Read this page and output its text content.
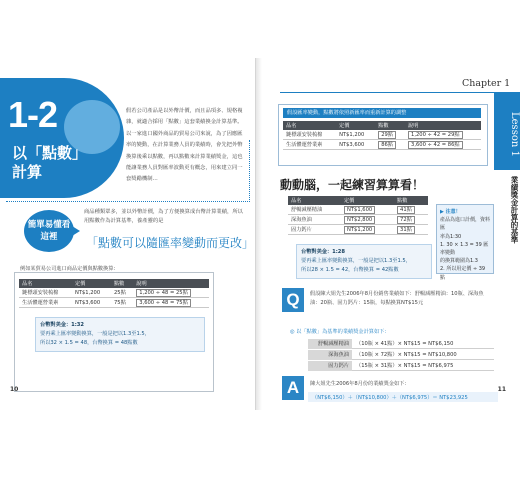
1-2
以「點數」計算
假若公司產品是以外幣計價，而且品項多、規格複雜，就適合採用「點數」這套業績換金計算基準。以一家進口國外商品的貿易公司來說，為了因應匯率的變動，在計算業務人員的業績時，會先把外幣換算後乘以點數，再以點數來計算業績獎金，這也能讓業務人員對匯率波動更有概念，用來建立同一套獎勵機制…
簡單易懂看這裡
商品種類眾多，並以外幣計價，為了方便換算成台幣計算業績，所以用點數作為計算基準，養產靈的是
「點數可以隨匯率變動而更改」
例如某貿易公司進口商品定價與點數換算：
品名	定價	點數	說明
鏈標頭安裝梳棉	NT$1,200	25點	1,200 ÷ 48 = 25點
生活體運營業素	NT$3,600	75點	3,600 ÷ 48 = 75點
台幣對美金：1:32
要再乘上匯率變動換算，一般是把以1.3至1.5，
所以32 × 1.5 = 48，台幣換算 = 48點數
10
Chapter 1
Lesson 1
業績獎金計算的基準
假設匯率變動，點數將依照新匯率而重新計算的調整
品名	定價	點數	說明
鏈標頭安裝梳棉	NT$1,200	29點	1,200 ÷ 42 = 29點
生活體運營業素	NT$3,600	86點	3,600 ÷ 42 = 86點
動動腦，一起練習算算看！
品名	定價	點數
舒暢減壓精油	NT$1,600	41點
深海魚油	NT$2,800	72點
固力鈣片	NT$1,200	31點
台幣對美金：1:28
要再乘上匯率變動換算，一般是把以1.3至1.5，
所以28 × 1.5 = 42，台幣換算 = 42點數
▶ 注意！
產品為進口計價，資料匯
率為1:30
1. 30 × 1.3 = 39 匯率變動
的換算範圍為1.3
2. 所以用定價 ÷ 39點
Q	假設陳大姐先生2006年8月份銷售業績如下：舒暢減壓精油：10瓶、深海魚油：20瓶、固力鈣片：15瓶，每點換算NT$15元
◎ 以「點數」為基準的業績獎金計算如下：
舒暢減壓精油	（10瓶 × 41點）× NT$15 = NT$6,150
深海魚油	（10瓶 × 72點）× NT$15 = NT$10,800
固力鈣片	（15瓶 × 31點）× NT$15 = NT$6,975
A	陳大姐先生2006年8月份的業績獎金如下：
（NT$6,150）＋（NT$10,800）＋（NT$6,975）＝ NT$23,925
11
